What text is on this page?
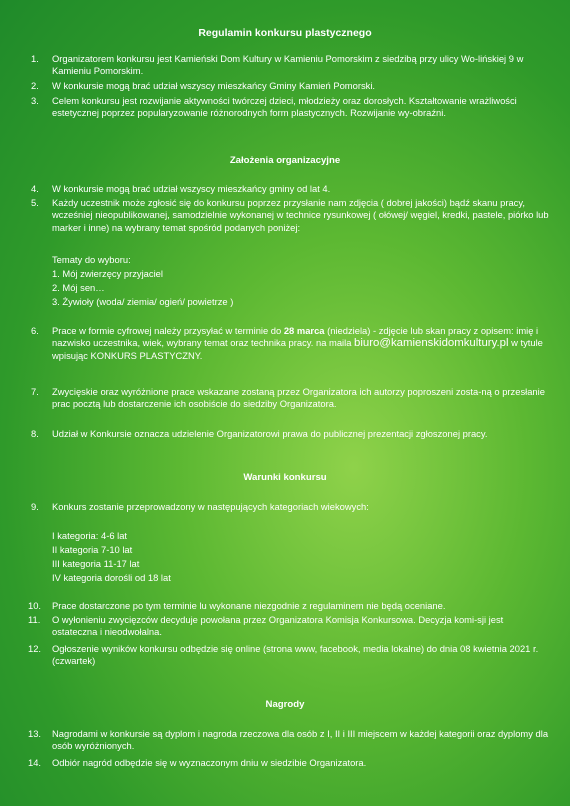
Regulamin konkursu plastycznego
1.	Organizatorem konkursu jest Kamieński Dom Kultury w Kamieniu Pomorskim z siedzibą przy ulicy Wo-lińskiej 9 w Kamieniu Pomorskim.
2.	W konkursie mogą brać udział wszyscy mieszkańcy Gminy Kamień Pomorski.
3.	Celem konkursu jest rozwijanie aktywności twórczej dzieci, młodzieży oraz dorosłych. Kształtowanie wrażliwości estetycznej poprzez popularyzowanie różnorodnych form plastycznych. Rozwijanie wy-obraźni.
Założenia organizacyjne
4.	W konkursie mogą brać udział wszyscy mieszkańcy gminy od lat 4.
5.	Każdy uczestnik może zgłosić się do konkursu poprzez przysłanie nam zdjęcia ( dobrej jakości) bądź skanu pracy, wcześniej nieopublikowanej, samodzielnie wykonanej w technice rysunkowej ( ołówej/ węgiel, kredki, pastele, piórko lub marker i inne) na wybrany temat spośród podanych poniżej:
Tematy do wyboru:
1. Mój zwierzęcy przyjaciel
2. Mój sen…
3. Żywioły (woda/ ziemia/ ogień/ powietrze )
6.	Prace w formie cyfrowej należy przysyłać w terminie do 28 marca (niedziela) - zdjęcie lub skan pracy z opisem: imię i nazwisko uczestnika, wiek, wybrany temat oraz technika pracy. na maila biuro@kamienskidomkultury.pl w tytule wpisując KONKURS PLASTYCZNY.
7.	Zwycięskie oraz wyróżnione prace wskazane zostaną przez Organizatora ich autorzy poproszeni zosta-ną o przesłanie prac pocztą lub dostarczenie ich osobiście do siedziby Organizatora.
8.	Udział w Konkursie oznacza udzielenie Organizatorowi prawa do publicznej prezentacji zgłoszonej pracy.
Warunki konkursu
9.	Konkurs zostanie przeprowadzony w następujących kategoriach wiekowych:
I kategoria: 4-6 lat
II kategoria 7-10 lat
III kategoria 11-17 lat
IV kategoria dorośli od 18 lat
10.	Prace dostarczone po tym terminie lu wykonane niezgodnie z regulaminem nie będą oceniane.
11.	O wyłonieniu zwycięzców decyduje powołana przez Organizatora Komisja Konkursowa. Decyzja komi-sji jest ostateczna i nieodwołalna.
12.	Ogłoszenie wyników konkursu odbędzie się online (strona www, facebook, media lokalne) do dnia 08 kwietnia 2021 r. (czwartek)
Nagrody
13.	Nagrodami w konkursie są dyplom i nagroda rzeczowa dla osób z I, II i III miejscem w każdej kategorii oraz dyplomy dla osób wyróżnionych.
14.	Odbiór nagród odbędzie się w wyznaczonym dniu w siedzibie Organizatora.
